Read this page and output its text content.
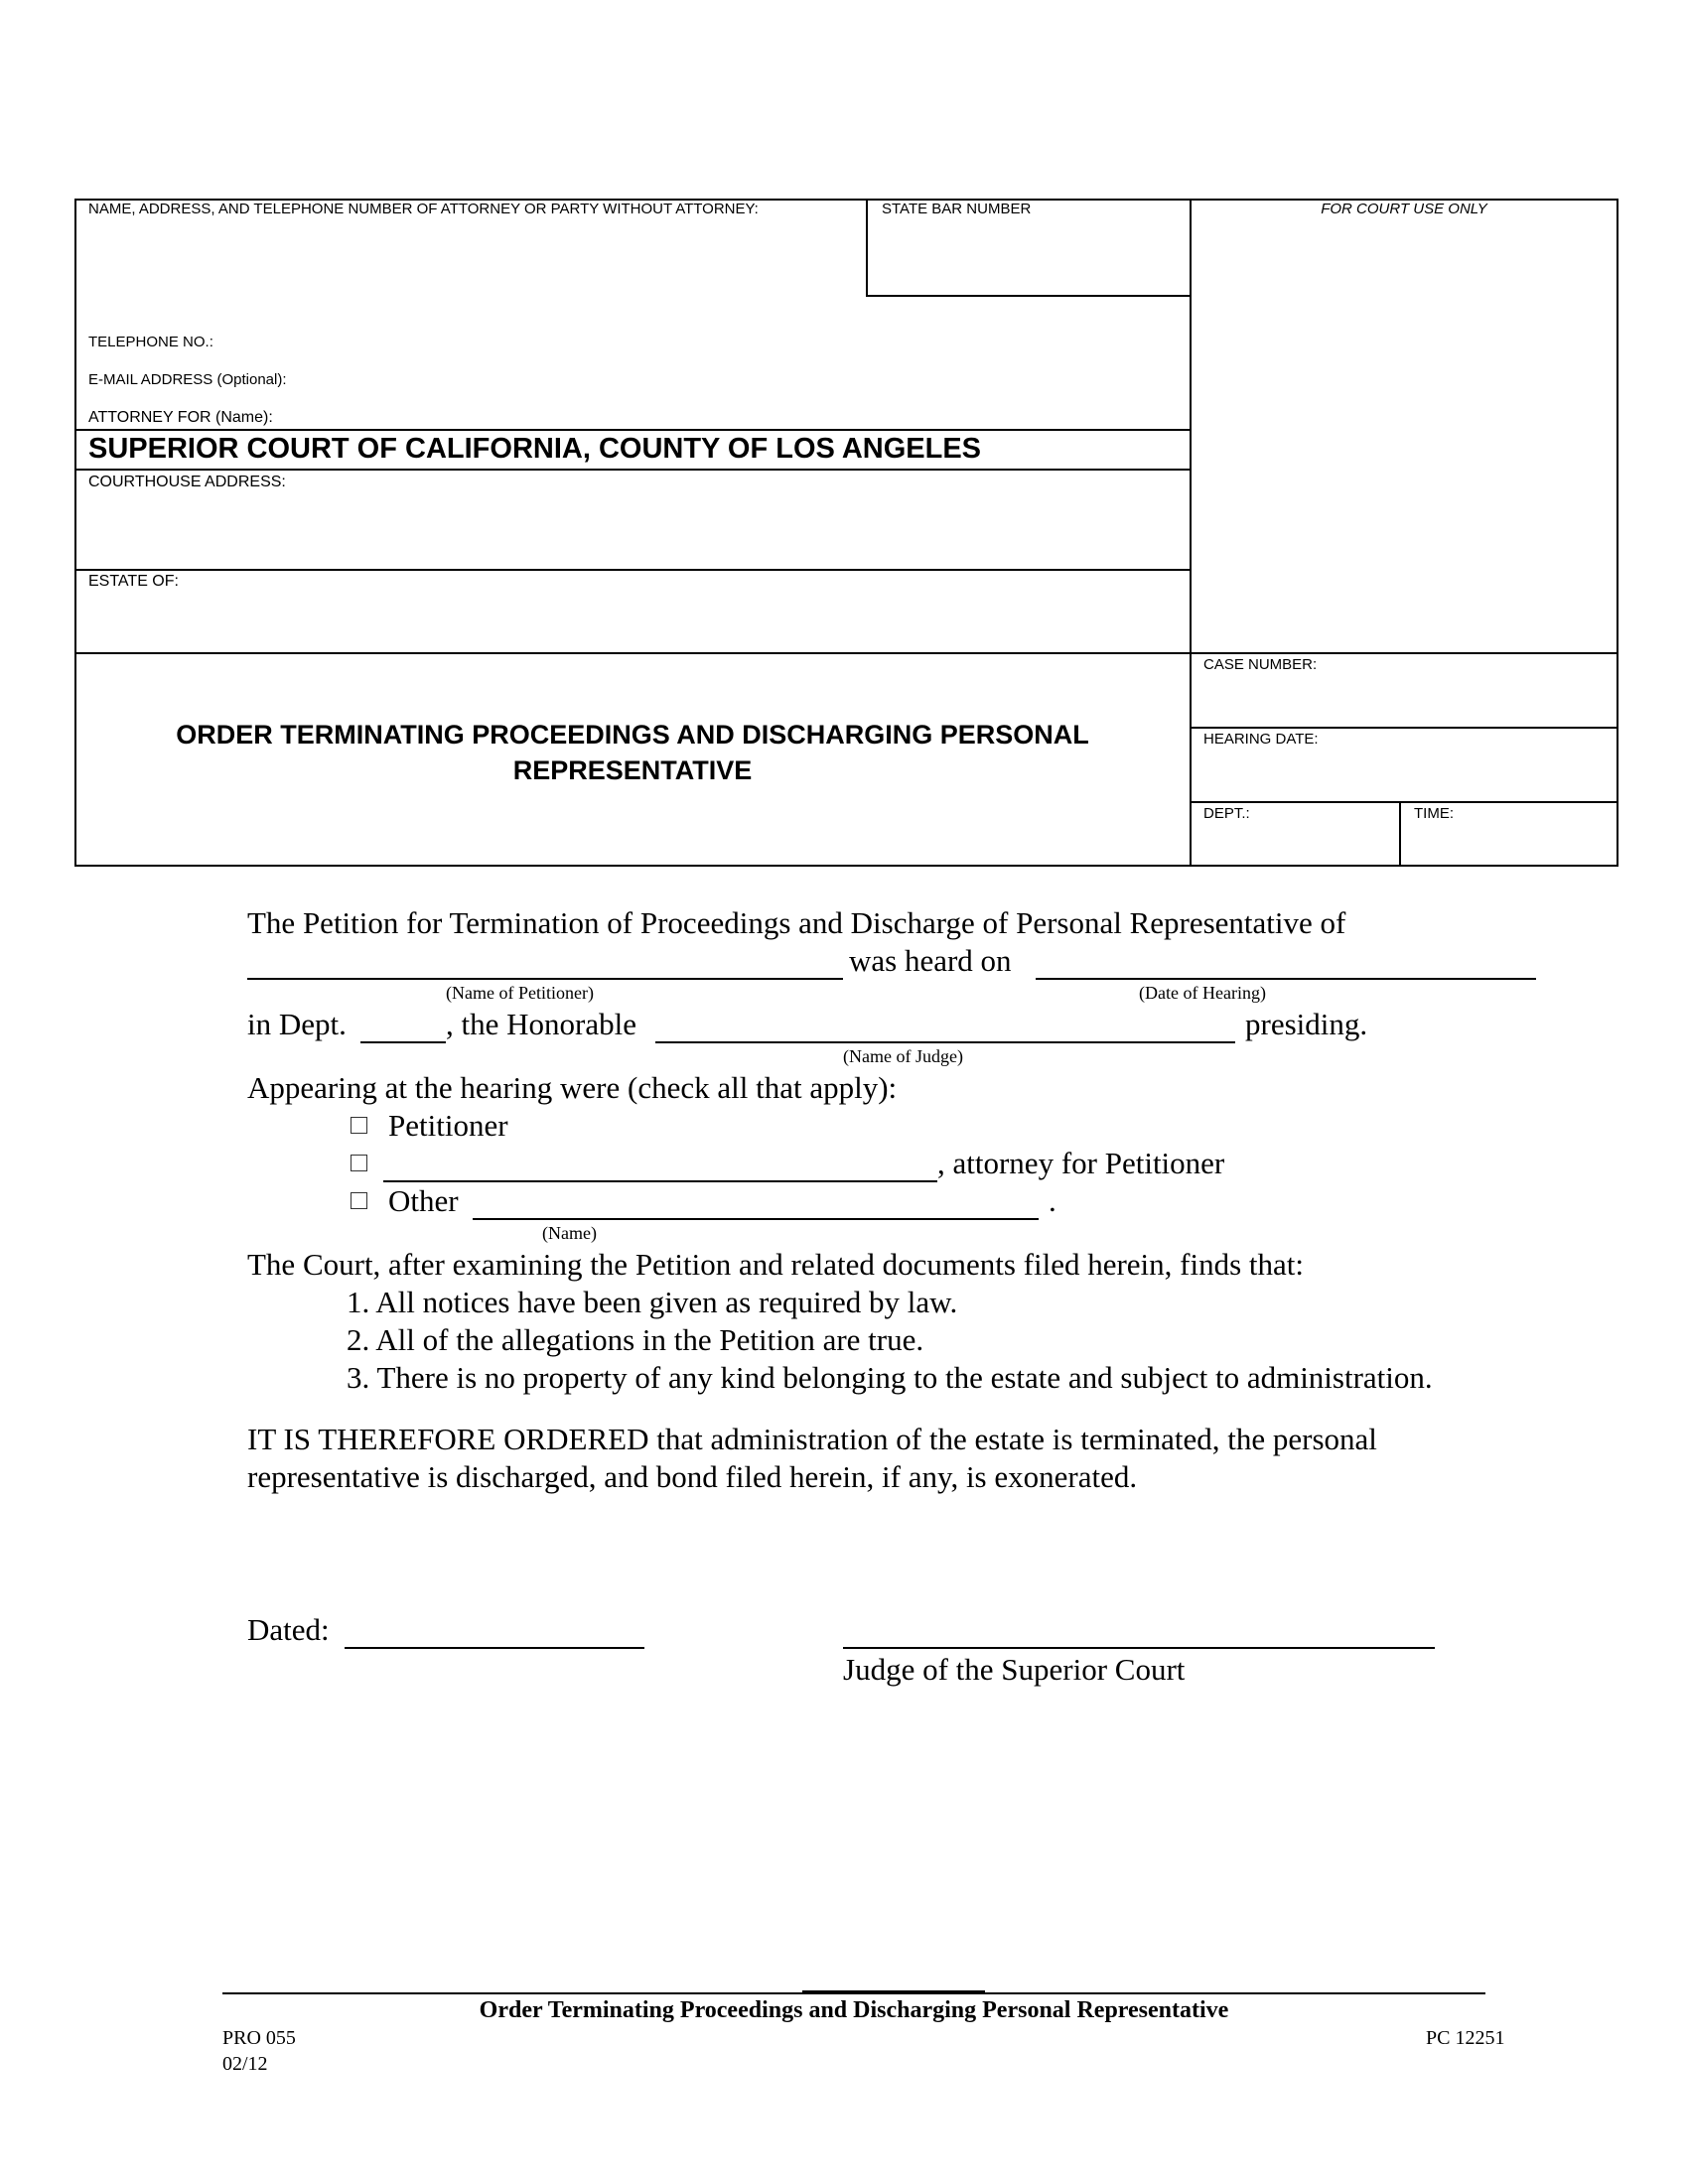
NAME, ADDRESS, AND TELEPHONE NUMBER OF ATTORNEY OR PARTY WITHOUT ATTORNEY:	STATE BAR NUMBER	FOR COURT USE ONLY
TELEPHONE NO.:
E-MAIL ADDRESS (Optional):
ATTORNEY FOR (Name):
SUPERIOR COURT OF CALIFORNIA, COUNTY OF LOS ANGELES
COURTHOUSE ADDRESS:
ESTATE OF:
CASE NUMBER:
HEARING DATE:
DEPT.:	TIME:
ORDER TERMINATING PROCEEDINGS AND DISCHARGING PERSONAL
REPRESENTATIVE
The Petition for Termination of Proceedings and Discharge of Personal Representative of
was heard on
(Name of Petitioner)	(Date of Hearing)
in Dept.	, the Honorable	presiding.
(Name of Judge)
Appearing at the hearing were (check all that apply):
Petitioner
, attorney for Petitioner
Other	.
(Name)
The Court, after examining the Petition and related documents filed herein, finds that:
1. All notices have been given as required by law.
2. All of the allegations in the Petition are true.
3. There is no property of any kind belonging to the estate and subject to administration.
IT IS THEREFORE ORDERED that administration of the estate is terminated, the personal
representative is discharged, and bond filed herein, if any, is exonerated.
Dated:
Judge of the Superior Court
Order Terminating Proceedings and Discharging Personal Representative
PRO 055
02/12
PC 12251
